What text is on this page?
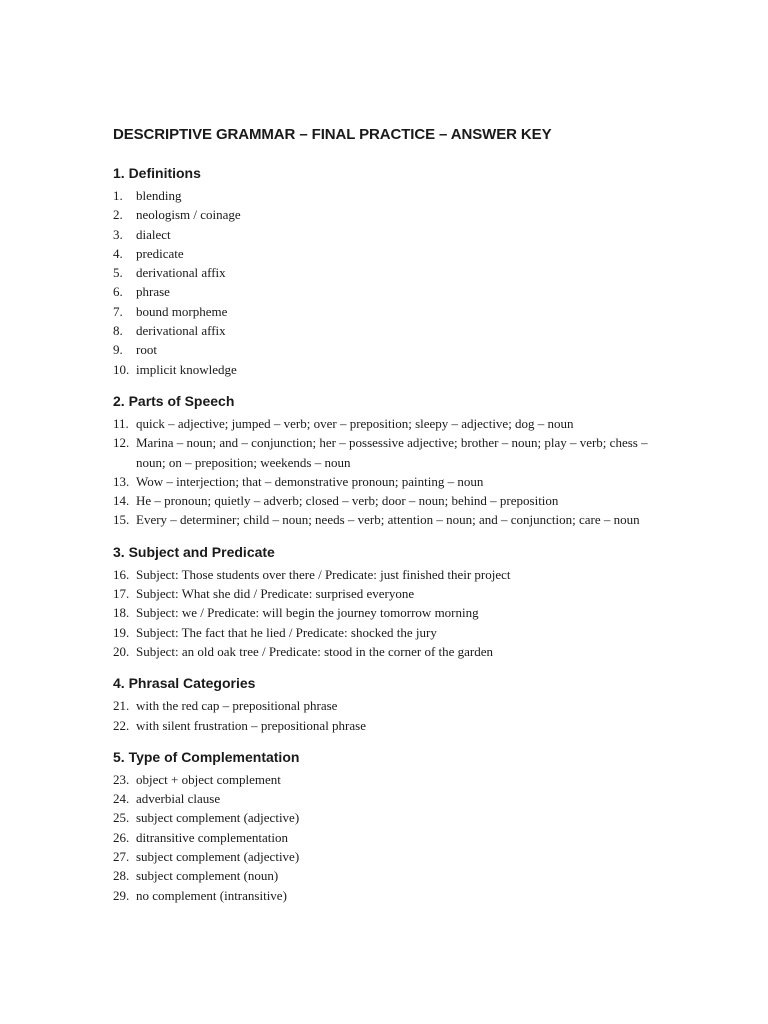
DESCRIPTIVE GRAMMAR – FINAL PRACTICE – ANSWER KEY
1. Definitions
1.	blending
2.	neologism / coinage
3.	dialect
4.	predicate
5.	derivational affix
6.	phrase
7.	bound morpheme
8.	derivational affix
9.	root
10. implicit knowledge
2. Parts of Speech
11. quick – adjective; jumped – verb; over – preposition; sleepy – adjective; dog – noun
12. Marina – noun; and – conjunction; her – possessive adjective; brother – noun; play – verb; chess – noun; on – preposition; weekends – noun
13. Wow – interjection; that – demonstrative pronoun; painting – noun
14. He – pronoun; quietly – adverb; closed – verb; door – noun; behind – preposition
15. Every – determiner; child – noun; needs – verb; attention – noun; and – conjunction; care – noun
3. Subject and Predicate
16. Subject: Those students over there / Predicate: just finished their project
17. Subject: What she did / Predicate: surprised everyone
18. Subject: we / Predicate: will begin the journey tomorrow morning
19. Subject: The fact that he lied / Predicate: shocked the jury
20. Subject: an old oak tree / Predicate: stood in the corner of the garden
4. Phrasal Categories
21. with the red cap – prepositional phrase
22. with silent frustration – prepositional phrase
5. Type of Complementation
23. object + object complement
24. adverbial clause
25. subject complement (adjective)
26. ditransitive complementation
27. subject complement (adjective)
28. subject complement (noun)
29. no complement (intransitive)
